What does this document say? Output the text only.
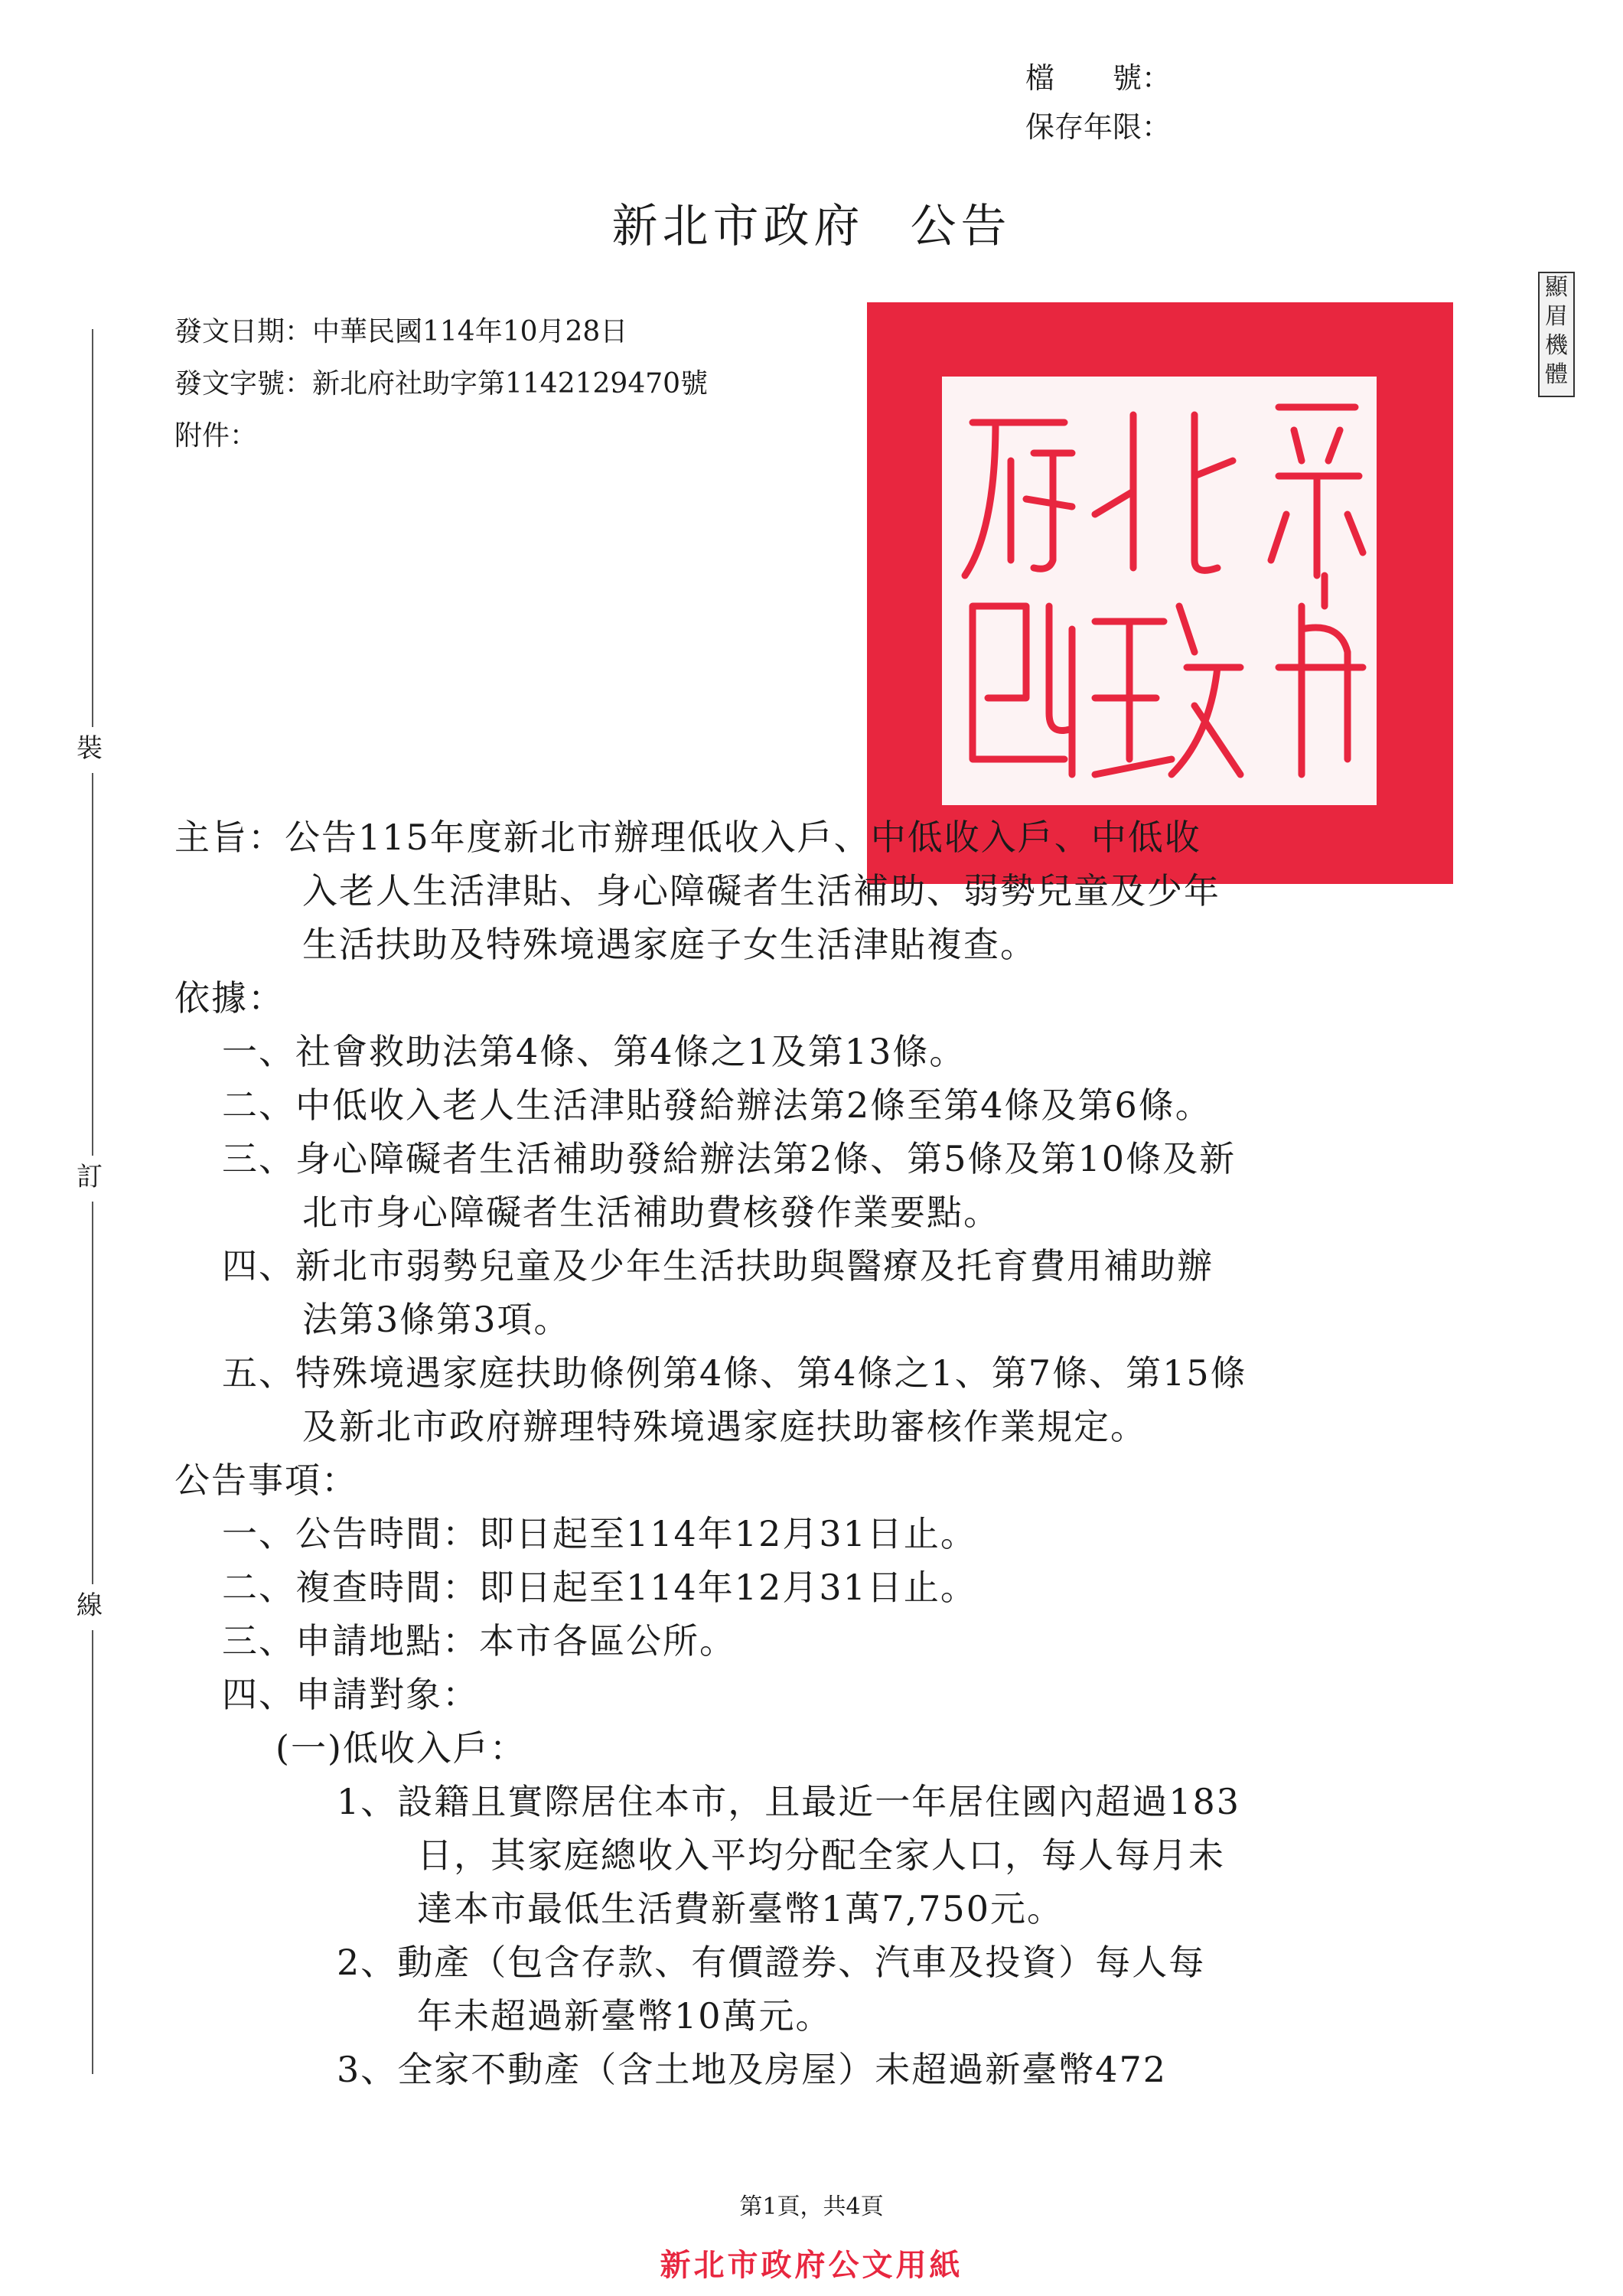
檔　　號：
保存年限：
新北市政府 公告
發文日期：中華民國114年10月28日
發文字號：新北府社助字第1142129470號
附件：
裝
訂
線
顯眉機體
主旨：公告115年度新北市辦理低收入戶、中低收入戶、中低收
入老人生活津貼、身心障礙者生活補助、弱勢兒童及少年
生活扶助及特殊境遇家庭子女生活津貼複查。
依據：
一、社會救助法第4條、第4條之1及第13條。
二、中低收入老人生活津貼發給辦法第2條至第4條及第6條。
三、身心障礙者生活補助發給辦法第2條、第5條及第10條及新
北市身心障礙者生活補助費核發作業要點。
四、新北市弱勢兒童及少年生活扶助與醫療及托育費用補助辦
法第3條第3項。
五、特殊境遇家庭扶助條例第4條、第4條之1、第7條、第15條
及新北市政府辦理特殊境遇家庭扶助審核作業規定。
公告事項：
一、公告時間：即日起至114年12月31日止。
二、複查時間：即日起至114年12月31日止。
三、申請地點：本市各區公所。
四、申請對象：
(一)低收入戶：
1、設籍且實際居住本市，且最近一年居住國內超過183
日，其家庭總收入平均分配全家人口，每人每月未
達本市最低生活費新臺幣1萬7,750元。
2、動產（包含存款、有價證券、汽車及投資）每人每
年未超過新臺幣10萬元。
3、全家不動產（含土地及房屋）未超過新臺幣472
第1頁，共4頁
新北市政府公文用紙
